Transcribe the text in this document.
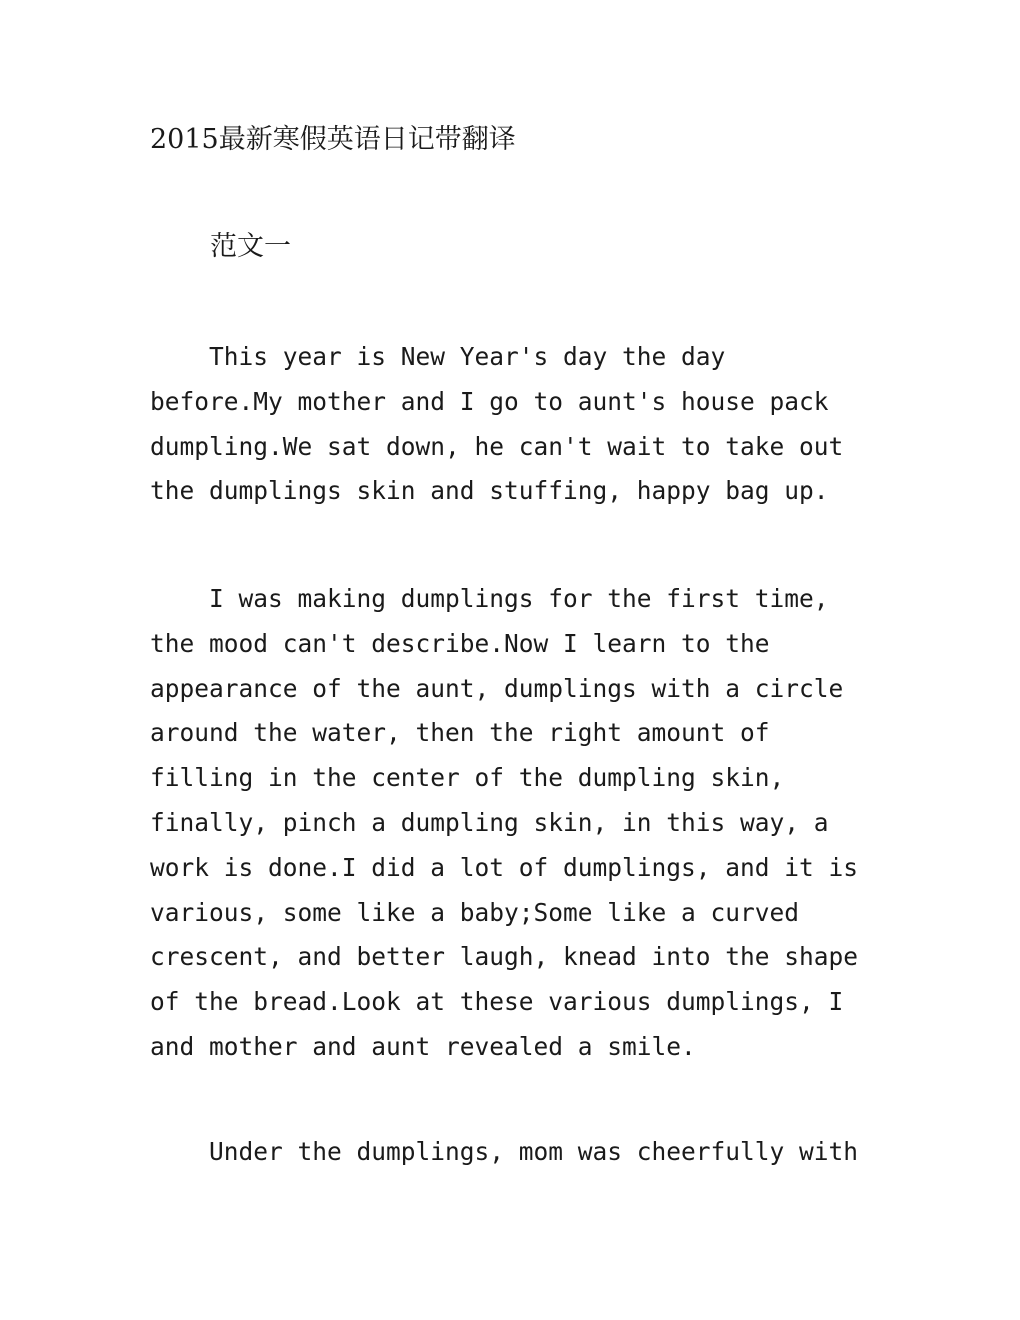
2015最新寒假英语日记带翻译
范文一

This year is New Year's day the day
before.My mother and I go to aunt's house pack
dumpling.We sat down, he can't wait to take out
the dumplings skin and stuffing, happy bag up.

I was making dumplings for the first time,
the mood can't describe.Now I learn to the
appearance of the aunt, dumplings with a circle
around the water, then the right amount of
filling in the center of the dumpling skin,
finally, pinch a dumpling skin, in this way, a
work is done.I did a lot of dumplings, and it is
various, some like a baby;Some like a curved
crescent, and better laugh, knead into the shape
of the bread.Look at these various dumplings, I
and mother and aunt revealed a smile.

Under the dumplings, mom was cheerfully with
